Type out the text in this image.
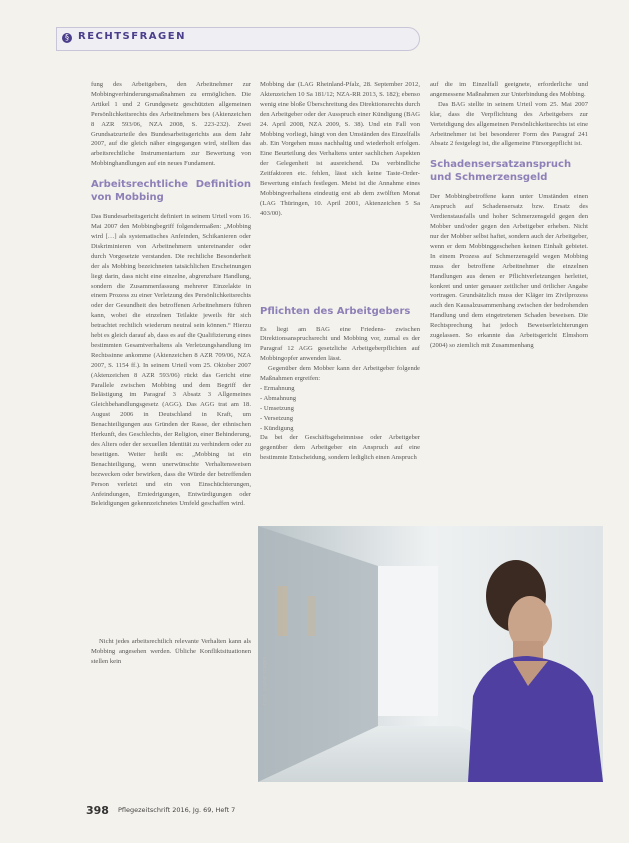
§ RECHTSFRAGEN

fung des Arbeitgebers, den Arbeitnehmer zur Mobbingverhinderungsmaßnahmen zu ermöglichen. Die Artikel 1 und 2 Grundgesetz geschützten allgemeinen Persönlichkeitsrechts des Arbeitnehmers bes (Aktenzeichen 8 AZR 593/06, NZA 2008, S. 223-232). Zwei Grundsatzurteile des Bundesarbeitsgerichts aus dem Jahr 2007, auf die gleich näher eingegangen wird, stellten das arbeitsrechtliche Instrumentarium zur Bewertung von Mobbinghandlungen auf ein neues Fundament.

Arbeitsrechtliche Definition von Mobbing

Das Bundesarbeitsgericht definiert in seinem Urteil vom 16. Mai 2007 den Mobbingbegriff folgendermaßen: „Mobbing wird […] als systematisches Anfeinden, Schikanieren oder Diskriminieren von Arbeitnehmern untereinander oder durch Vorgesetzte verstanden. Die rechtliche Besonderheit der als Mobbing bezeichneten tatsächlichen Erscheinungen liegt darin, dass nicht eine einzelne, abgrenzbare Handlung, sondern die Zusammenfassung mehrerer Einzelakte in einem Prozess zu einer Verletzung des Persönlichkeitsrechts oder der Gesundheit des betroffenen Arbeitnehmers führen kann, wobei die einzelnen Teilakte jeweils für sich betrachtet rechtlich wiederum neutral sein können.“ Hierzu hebt es gleich darauf ab, dass es auf die Qualifizierung eines bestimmten Gesamtverhaltens als Verletzungshandlung im Rechtssinne ankomme (Aktenzeichen 8 AZR 709/06, NZA 2007, S. 1154 ff.). In seinem Urteil vom 25. Oktober 2007 (Aktenzeichen 8 AZR 593/06) rückt das Gericht eine Parallele zwischen Mobbing und dem Begriff der Belästigung im Paragraf 3 Absatz 3 Allgemeines Gleichbehandlungsgesetz (AGG). Das AGG trat am 18. August 2006 in Deutschland in Kraft, um Benachteiligungen aus Gründen der Rasse, der ethnischen Herkunft, des Geschlechts, der Religion, einer Behinderung, des Alters oder der sexuellen Identität zu verhindern oder zu beseitigen. Weiter heißt es: „Mobbing ist ein Benachteiligung, wenn unerwünschte Verhaltensweisen bezwecken oder bewirken, dass die Würde der betreffenden Person verletzt und ein von Einschüchterungen, Anfeindungen, Erniedrigungen, Entwürdigungen oder Beleidigungen gekennzeichnetes Umfeld geschaffen wird.

Nicht jedes arbeitsrechtlich relevante Verhalten kann als Mobbing angesehen werden. Übliche Konfliktsituationen stellen kein

Mobbing dar (LAG Rheinland-Pfalz, 28. September 2012, Aktenzeichen 10 Sa 181/12; NZA-RR 2013, S. 182); ebenso wenig eine bloße Überschreitung des Direktionsrechts durch den Arbeitgeber oder der Ausspruch einer Kündigung (BAG 24. April 2008, NZA 2009, S. 38). Und ein Fall von Mobbing vorliegt, hängt von den Umständen des Einzelfalls ab. Ein Vorgehen muss nachhaltig und wiederholt erfolgen. Eine Beurteilung des Verhaltens unter sachlichen Aspekten der Gelegenheit ist ausreichend. Da verbindliche Zeitfaktoren etc. fehlen, lässt sich keine Taste-Order-Bewertung einfach festlegen. Meist ist die Annahme eines Mobbingverhaltens eindeutig erst ab dem zwölften Monat (LAG Thüringen, 10. April 2001, Aktenzeichen 5 Sa 403/00).

Pflichten des Arbeitgebers

Es liegt am BAG eine Friedens- zwischen Direktionsanspruchsrecht und Mobbing vor, zumal es der Paragraf 12 AGG gesetzliche Arbeitgeberpflichten auf Mobbingopfer anwenden lässt.

Gegenüber dem Mobber kann der Arbeitgeber folgende Maßnahmen ergreifen:

- Ermahnung
- Abmahnung
- Umsetzung
- Versetzung
- Kündigung

Da bei der Geschäftsgeheimnisse oder Arbeitgeber gegenüber dem Arbeitgeber ein Anspruch auf eine bestimmte Entscheidung, sondern lediglich einen Anspruch

auf die im Einzelfall geeignete, erforderliche und angemessene Maßnahmen zur Unterbindung des Mobbing.

Das BAG stellte in seinem Urteil vom 25. Mai 2007 klar, dass die Verpflichtung des Arbeitgebers zur Verteidigung des allgemeinen Persönlichkeitsrechts ist eine Arbeitnehmer ist bei besonderer Form des Paragraf 241 Absatz 2 festgelegt ist, die allgemeine Fürsorgepflicht ist.

Schadensersatzanspruch und Schmerzensgeld

Der Mobbingbetroffene kann unter Umständen einen Anspruch auf Schadensersatz bzw. Ersatz des Verdienstausfalls und hoher Schmerzensgeld gegen den Mobber und/oder gegen den Arbeitgeber erheben. Nicht nur der Mobber selbst haftet, sondern auch der Arbeitgeber, wenn er dem Mobbinggeschehen keinen Einhalt gebietet. In einem Prozess auf Schmerzensgeld wegen Mobbing muss der betroffene Arbeitnehmer die einzelnen Handlungen aus denen er Pflichtverletzungen herleitet, konkret und unter genauer zeitlicher und örtlicher Angabe vortragen. Grundsätzlich muss der Kläger im Zivilprozess auch den Kausalzusammenhang zwischen der bedrohenden Handlung und dem eingetretenen Schaden beweisen. Die Rechtsprechung hat jedoch Beweiserleichterungen zugelassen. So erkannte das Arbeitsgericht Elmshorn (2004) so ziemlich mit Zusammenhang

Foto: Jupiterimages
398 Pflegezeitschrift 2016, Jg. 69, Heft 7
